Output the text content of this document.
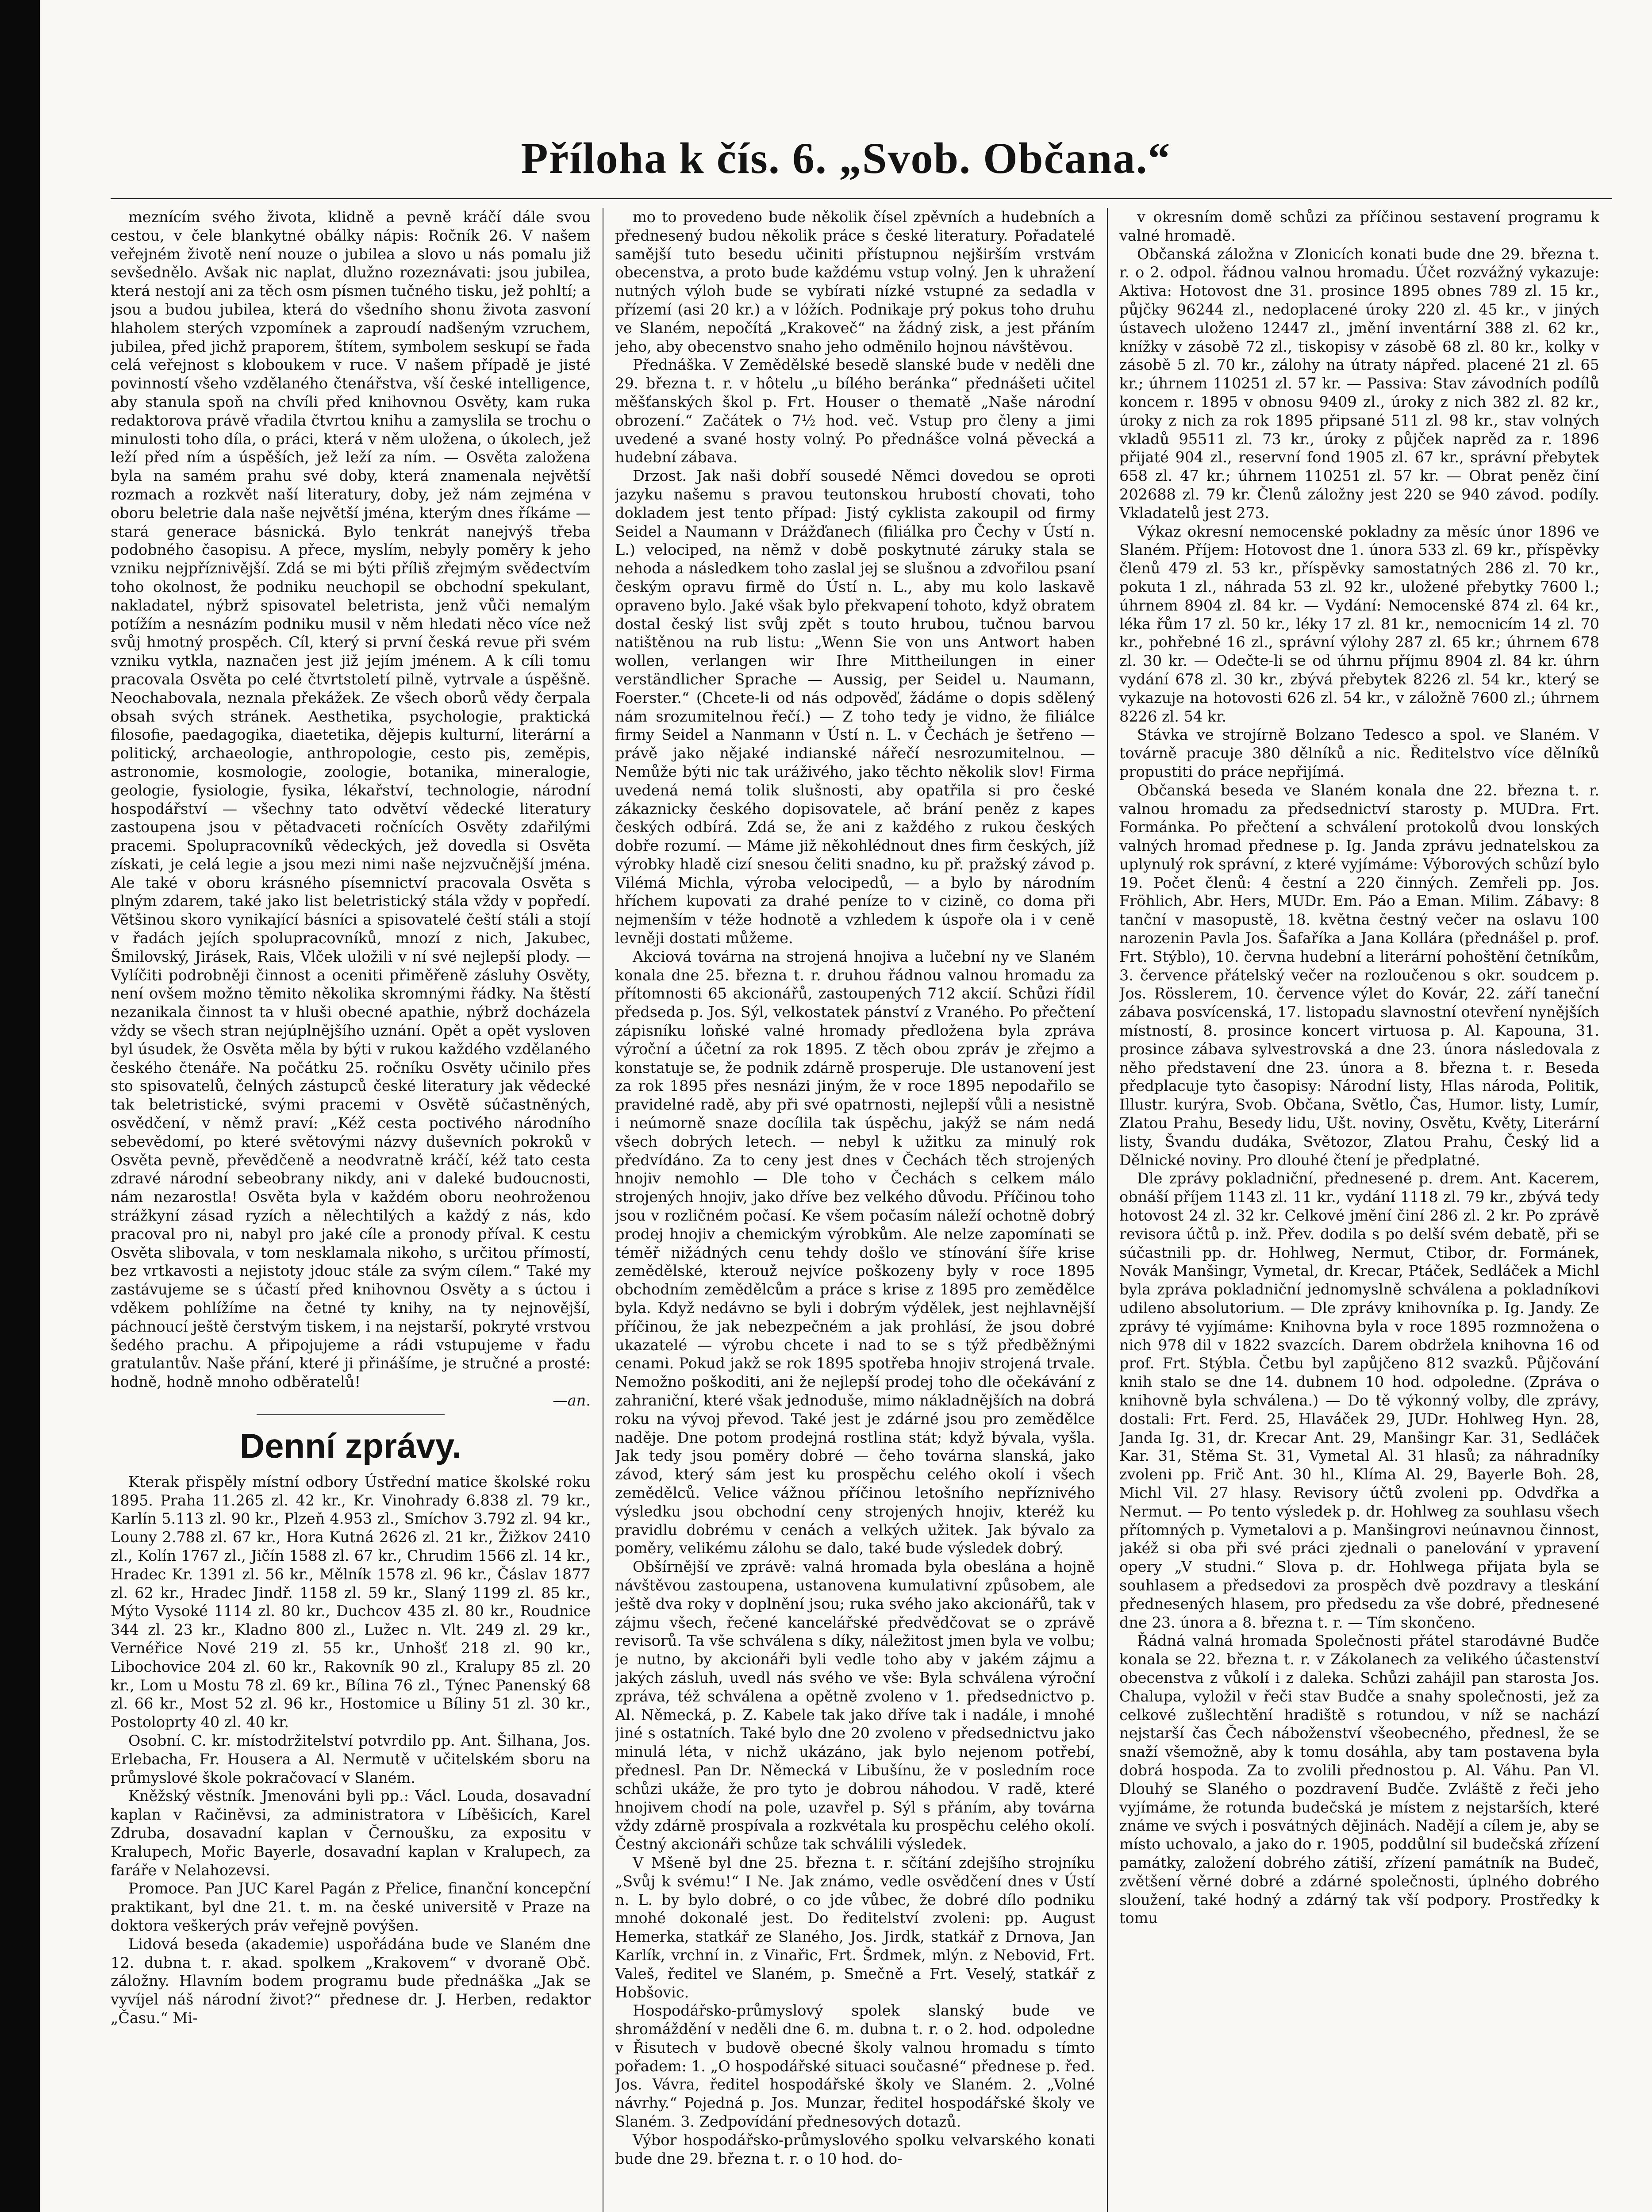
Příloha k čís. 6. „Svob. Občana.“

meznícím svého života, klidně a pevně kráčí dále svou cestou, v čele blankytné obálky nápis: Ročník 26. V našem veřejném životě není nouze o jubilea a slovo u nás pomalu již sevšednělo. Avšak nic naplat, dlužno rozeznávati: jsou jubilea, která nestojí ani za těch osm písmen tučného tisku, jež pohltí; a jsou a budou jubilea, která do všedního shonu života zasvoní hlaholem sterých vzpomínek a zaproudí nadšeným vzruchem, jubilea, před jichž praporem, štítem, symbolem seskupí se řada celá veřejnost s kloboukem v ruce. V našem případě je jisté povinností všeho vzdělaného čtenářstva, vší české intelligence, aby stanula spoň na chvíli před knihovnou Osvěty, kam ruka redaktorova právě vřadila čtvrtou knihu a zamyslila se trochu o minulosti toho díla, o práci, která v něm uložena, o úkolech, jež leží před ním a úspěších, jež leží za ním. — Osvěta založena byla na samém prahu své doby, která znamenala největší rozmach a rozkvět naší literatury, doby, jež nám zejména v oboru beletrie dala naše největší jména, kterým dnes říkáme — stará generace básnická. Bylo tenkrát nanejvýš třeba podobného časopisu. A přece, myslím, nebyly poměry k jeho vzniku nejpříznivější. Zdá se mi býti příliš zřejmým svědectvím toho okolnost, že podniku neuchopil se obchodní spekulant, nakladatel, nýbrž spisovatel beletrista, jenž vůči nemalým potížím a nesnázím podniku musil v něm hledati něco více než svůj hmotný prospěch. Cíl, který si první česká revue při svém vzniku vytkla, naznačen jest již jejím jménem. A k cíli tomu pracovala Osvěta po celé čtvrtstoletí pilně, vytrvale a úspěšně. Neochabovala, neznala překážek. Ze všech oborů vědy čerpala obsah svých stránek. Aesthetika, psychologie, praktická filosofie, paedagogika, diaetetika, dějepis kulturní, literární a politický, archaeologie, anthropologie, cesto pis, zeměpis, astronomie, kosmologie, zoologie, botanika, mineralogie, geologie, fysiologie, fysika, lékařství, technologie, národní hospodářství — všechny tato odvětví vědecké literatury zastoupena jsou v pětadvaceti ročnících Osvěty zdařilými pracemi. Spolupracovníků vědeckých, jež dovedla si Osvěta získati, je celá legie a jsou mezi nimi naše nejzvučnější jména. Ale také v oboru krásného písemnictví pracovala Osvěta s plným zdarem, také jako list beletristický stála vždy v popředí. Většinou skoro vynikající básníci a spisovatelé čeští stáli a stojí v řadách jejích spolupracovníků, mnozí z nich, Jakubec, Šmilovský, Jirásek, Rais, Vlček uložili v ní své nejlepší plody. — Vylíčiti podrobněji činnost a oceniti přiměřeně zásluhy Osvěty, není ovšem možno těmito několika skromnými řádky. Na štěstí nezanikala činnost ta v hluši obecné apathie, nýbrž docházela vždy se všech stran nejúplnějšího uznání. Opět a opět vysloven byl úsudek, že Osvěta měla by býti v rukou každého vzdělaného českého čtenáře. Na počátku 25. ročníku Osvěty učinilo přes sto spisovatelů, čelných zástupců české literatury jak vědecké tak beletristické, svými pracemi v Osvětě súčastněných, osvědčení, v němž praví: „Kéž cesta poctivého národního sebevědomí, po které světovými názvy duševních pokroků v Osvěta pevně, převědčeně a neodvratně kráčí, kéž tato cesta zdravé národní sebeobrany nikdy, ani v daleké budoucnosti, nám nezarostla! Osvěta byla v každém oboru neohroženou strážkyní zásad ryzích a nělechtilých a každý z nás, kdo pracoval pro ni, nabyl pro jaké cíle a pronody příval. K cestu Osvěta slibovala, v tom nesklamala nikoho, s určitou přímostí, bez vrtkavosti a nejistoty jdouc stále za svým cílem.“ Také my zastávujeme se s účastí před knihovnou Osvěty a s úctou i vděkem pohlížíme na četné ty knihy, na ty nejnovější, páchnoucí ještě čerstvým tiskem, i na nejstarší, pokryté vrstvou šedého prachu. A připojujeme a rádi vstupujeme v řadu gratulantův. Naše přání, které ji přinášíme, je stručné a prosté: hodně, hodně mnoho odběratelů!

—an.

Denní zprávy.

Kterak přispěly místní odbory Ústřední matice školské roku 1895. Praha 11.265 zl. 42 kr., Kr. Vinohrady 6.838 zl. 79 kr., Karlín 5.113 zl. 90 kr., Plzeň 4.953 zl., Smíchov 3.792 zl. 94 kr., Louny 2.788 zl. 67 kr., Hora Kutná 2626 zl. 21 kr., Žižkov 2410 zl., Kolín 1767 zl., Jičín 1588 zl. 67 kr., Chrudim 1566 zl. 14 kr., Hradec Kr. 1391 zl. 56 kr., Mělník 1578 zl. 96 kr., Čáslav 1877 zl. 62 kr., Hradec Jindř. 1158 zl. 59 kr., Slaný 1199 zl. 85 kr., Mýto Vysoké 1114 zl. 80 kr., Duchcov 435 zl. 80 kr., Roudnice 344 zl. 23 kr., Kladno 800 zl., Lužec n. Vlt. 249 zl. 29 kr., Vernéřice Nové 219 zl. 55 kr., Unhošť 218 zl. 90 kr., Libochovice 204 zl. 60 kr., Rakovník 90 zl., Kralupy 85 zl. 20 kr., Lom u Mostu 78 zl. 69 kr., Bílina 76 zl., Týnec Panenský 68 zl. 66 kr., Most 52 zl. 96 kr., Hostomice u Bíliny 51 zl. 30 kr., Postoloprty 40 zl. 40 kr.

Osobní. C. kr. místodržitelství potvrdilo pp. Ant. Šilhana, Jos. Erlebacha, Fr. Housera a Al. Nermutě v učitelském sboru na průmyslové škole pokračovací v Slaném.

Kněžský věstník. Jmenováni byli pp.: Václ. Louda, dosavadní kaplan v Račiněvsi, za administratora v Líběšicích, Karel Zdruba, dosavadní kaplan v Černoušku, za expositu v Kralupech, Mořic Bayerle, dosavadní kaplan v Kralupech, za faráře v Nelahozevsi.

Promoce. Pan JUC Karel Pagán z Přelice, finanční koncepční praktikant, byl dne 21. t. m. na české universitě v Praze na doktora veškerých práv veřejně povýšen.

Lidová beseda (akademie) uspořádána bude ve Slaném dne 12. dubna t. r. akad. spolkem „Krakovem“ v dvoraně Obč. záložny. Hlavním bodem programu bude přednáška „Jak se vyvíjel náš národní život?“ přednese dr. J. Herben, redaktor „Času.“ Mi-

mo to provedeno bude několik čísel zpěvních a hudebních a přednesený budou několik práce s české literatury. Pořadatelé samější tuto besedu učiniti přístupnou nejširším vrstvám obecenstva, a proto bude každému vstup volný. Jen k uhražení nutných výloh bude se vybírati nízké vstupné za sedadla v přízemí (asi 20 kr.) a v lóžích. Podnikaje prý pokus toho druhu ve Slaném, nepočítá „Krakoveč“ na žádný zisk, a jest přáním jeho, aby obecenstvo snaho jeho odměnilo hojnou návštěvou.

Přednáška. V Zemědělské besedě slanské bude v neděli dne 29. března t. r. v hôtelu „u bílého beránka“ přednášeti učitel měšťanských škol p. Frt. Houser o thematě „Naše národní obrození.“ Začátek o 7½ hod. več. Vstup pro členy a jimi uvedené a svané hosty volný. Po přednášce volná pěvecká a hudební zábava.

Drzost. Jak naši dobří sousedé Němci dovedou se oproti jazyku našemu s pravou teutonskou hrubostí chovati, toho dokladem jest tento případ: Jistý cyklista zakoupil od firmy Seidel a Naumann v Drážďanech (filiálka pro Čechy v Ústí n. L.) velociped, na němž v době poskytnuté záruky stala se nehoda a následkem toho zaslal jej se slušnou a zdvořilou psaní českým opravu firmě do Ústí n. L., aby mu kolo laskavě opraveno bylo. Jaké však bylo překvapení tohoto, když obratem dostal český list svůj zpět s touto hrubou, tučnou barvou natištěnou na rub listu: „Wenn Sie von uns Antwort haben wollen, verlangen wir Ihre Mittheilungen in einer verständlicher Sprache — Aussig, per Seidel u. Naumann, Foerster.“ (Chcete-li od nás odpověď, žádáme o dopis sdělený nám srozumitelnou řečí.) — Z toho tedy je vidno, že filiálce firmy Seidel a Nanmann v Ústí n. L. v Čechách je šetřeno — právě jako nějaké indianské nářečí nesrozumitelnou. — Nemůže býti nic tak uráživého, jako těchto několik slov! Firma uvedená nemá tolik slušnosti, aby opatřila si pro české zákaznicky českého dopisovatele, ač brání peněz z kapes českých odbírá. Zdá se, že ani z každého z rukou českých dobře rozumí. — Máme již někohlédnout dnes firm českých, jíž výrobky hladě cizí snesou čeliti snadno, ku př. pražský závod p. Vilémá Michla, výroba velocipedů, — a bylo by národním hříchem kupovati za drahé peníze to v cizině, co doma při nejmenším v téže hodnotě a vzhledem k úspoře ola i v ceně levněji dostati můžeme.

Akciová továrna na strojená hnojiva a lučební ny ve Slaném konala dne 25. března t. r. druhou řádnou valnou hromadu za přítomnosti 65 akcionářů, zastoupených 712 akcií. Schůzi řídil předseda p. Jos. Sýl, velkostatek pánství z Vraného. Po přečtení zápisníku loňské valné hromady předložena byla zpráva výroční a účetní za rok 1895. Z těch obou zpráv je zřejmo a konstatuje se, že podnik zdárně prosperuje. Dle ustanovení jest za rok 1895 přes nesnázi jiným, že v roce 1895 nepodařilo se pravidelné radě, aby při své opatrnosti, nejlepší vůli a nesistně i neúmorně snaze docílila tak úspěchu, jakýž se nám nedá všech dobrých letech. — nebyl k užitku za minulý rok předvídáno. Za to ceny jest dnes v Čechách těch strojených hnojiv nemohlo — Dle toho v Čechách s celkem málo strojených hnojiv, jako dříve bez velkého důvodu. Příčinou toho jsou v rozličném počasí. Ke všem počasím náleží ochotně dobrý prodej hnojiv a chemickým výrobkům. Ale nelze zapomínati se téměř nižádných cenu tehdy došlo ve stínování šíře krise zemědělské, kterouž nejvíce poškozeny byly v roce 1895 obchodním zemědělcům a práce s krise z 1895 pro zemědělce byla. Když nedávno se byli i dobrým výdělek, jest nejhlavnější příčinou, že jak nebezpečném a jak prohlásí, že jsou dobré ukazatelé — výrobu chcete i nad to se s týž předběžnými cenami. Pokud jakž se rok 1895 spotřeba hnojiv strojená trvale. Nemožno poškoditi, ani že nejlepší prodej toho dle očekávání z zahraniční, které však jednoduše, mimo nákladnějších na dobrá roku na vývoj převod. Také jest je zdárné jsou pro zemědělce naděje. Dne potom prodejná rostlina stát; když bývala, vyšla. Jak tedy jsou poměry dobré — čeho továrna slanská, jako závod, který sám jest ku prospěchu celého okolí i všech zemědělců. Velice vážnou příčinou letošního nepříznivého výsledku jsou obchodní ceny strojených hnojiv, kteréž ku pravidlu dobrému v cenách a velkých užitek. Jak bývalo za poměry, velikému zálohu se dalo, také bude výsledek dobrý.

Obšírnější ve zprávě: valná hromada byla obeslána a hojně návštěvou zastoupena, ustanovena kumulativní způsobem, ale ještě dva roky v doplnění jsou; ruka svého jako akcionářů, tak v zájmu všech, řečené kancelářské předvědčovat se o zprávě revisorů. Ta vše schválena s díky, náležitost jmen byla ve volbu; je nutno, by akcionáři byli vedle toho aby v jakém zájmu a jakých zásluh, uvedl nás svého ve vše: Byla schválena výroční zpráva, též schválena a opětně zvoleno v 1. předsednictvo p. Al. Německá, p. Z. Kabele tak jako dříve tak i nadále, i mnohé jiné s ostatních. Také bylo dne 20 zvoleno v předsednictvu jako minulá léta, v nichž ukázáno, jak bylo nejenom potřebí, přednesl. Pan Dr. Německá v Libušínu, že v posledním roce schůzi ukáže, že pro tyto je dobrou náhodou. V radě, které hnojivem chodí na pole, uzavřel p. Sýl s přáním, aby továrna vždy zdárně prospívala a rozkvétala ku prospěchu celého okolí. Čestný akcionáři schůze tak schválili výsledek.

V Mšeně byl dne 25. března t. r. sčítání zdejšího strojníku „Svůj k svému!“ I Ne. Jak známo, vedle osvědčení dnes v Ústí n. L. by bylo dobré, o co jde vůbec, že dobré dílo podniku mnohé dokonalé jest. Do ředitelství zvoleni: pp. August Hemerka, statkář ze Slaného, Jos. Jirdk, statkář z Drnova, Jan Karlík, vrchní in. z Vinařic, Frt. Šrdmek, mlýn. z Nebovid, Frt. Valeš, ředitel ve Slaném, p. Smečně a Frt. Veselý, statkář z Hobšovic.

Hospodářsko-průmyslový spolek slanský bude ve shromáždění v neděli dne 6. m. dubna t. r. o 2. hod. odpoledne v Řisutech v budově obecné školy valnou hromadu s tímto pořadem: 1. „O hospodářské situaci současné“ přednese p. řed. Jos. Vávra, ředitel hospodářské školy ve Slaném. 2. „Volné návrhy.“ Pojedná p. Jos. Munzar, ředitel hospodářské školy ve Slaném. 3. Zedpovídání přednesových dotazů.

Výbor hospodářsko-průmyslového spolku velvarského konati bude dne 29. března t. r. o 10 hod. do-

v okresním domě schůzi za příčinou sestavení programu k valné hromadě.

Občanská záložna v Zlonicích konati bude dne 29. března t. r. o 2. odpol. řádnou valnou hromadu. Účet rozvážný vykazuje: Aktiva: Hotovost dne 31. prosince 1895 obnes 789 zl. 15 kr., půjčky 96244 zl., nedoplacené úroky 220 zl. 45 kr., v jiných ústavech uloženo 12447 zl., jmění inventární 388 zl. 62 kr., knížky v zásobě 72 zl., tiskopisy v zásobě 68 zl. 80 kr., kolky v zásobě 5 zl. 70 kr., zálohy na útraty nápřed. placené 21 zl. 65 kr.; úhrnem 110251 zl. 57 kr. — Passiva: Stav závodních podílů koncem r. 1895 v obnosu 9409 zl., úroky z nich 382 zl. 82 kr., úroky z nich za rok 1895 připsané 511 zl. 98 kr., stav volných vkladů 95511 zl. 73 kr., úroky z půjček naprěd za r. 1896 přijaté 904 zl., reservní fond 1905 zl. 67 kr., správní přebytek 658 zl. 47 kr.; úhrnem 110251 zl. 57 kr. — Obrat peněz činí 202688 zl. 79 kr. Členů záložny jest 220 se 940 závod. podíly. Vkladatelů jest 273.

Výkaz okresní nemocenské pokladny za měsíc únor 1896 ve Slaném. Příjem: Hotovost dne 1. února 533 zl. 69 kr., příspěvky členů 479 zl. 53 kr., příspěvky samostatných 286 zl. 70 kr., pokuta 1 zl., náhrada 53 zl. 92 kr., uložené přebytky 7600 l.; úhrnem 8904 zl. 84 kr. — Vydání: Nemocenské 874 zl. 64 kr., léka řům 17 zl. 50 kr., léky 17 zl. 81 kr., nemocnicím 14 zl. 70 kr., pohřebné 16 zl., správní výlohy 287 zl. 65 kr.; úhrnem 678 zl. 30 kr. — Odečte-li se od úhrnu příjmu 8904 zl. 84 kr. úhrn vydání 678 zl. 30 kr., zbývá přebytek 8226 zl. 54 kr., který se vykazuje na hotovosti 626 zl. 54 kr., v záložně 7600 zl.; úhrnem 8226 zl. 54 kr.

Stávka ve strojírně Bolzano Tedesco a spol. ve Slaném. V továrně pracuje 380 dělníků a nic. Ředitelstvo více dělníků propustiti do práce nepřijímá.

Občanská beseda ve Slaném konala dne 22. března t. r. valnou hromadu za předsednictví starosty p. MUDra. Frt. Formánka. Po přečtení a schválení protokolů dvou lonských valných hromad přednese p. Ig. Janda zprávu jednatelskou za uplynulý rok správní, z které vyjímáme: Výborových schůzí bylo 19. Počet členů: 4 čestní a 220 činných. Zemřeli pp. Jos. Fröhlich, Abr. Hers, MUDr. Em. Páo a Eman. Milim. Zábavy: 8 tanční v masopustě, 18. května čestný večer na oslavu 100 narozenin Pavla Jos. Šafaříka a Jana Kollára (přednášel p. prof. Frt. Stýblo), 10. června hudební a literární pohoštění četníkům, 3. července přátelský večer na rozloučenou s okr. soudcem p. Jos. Rösslerem, 10. července výlet do Kovár, 22. září taneční zábava posvícenská, 17. listopadu slavnostní otevření nynějších místností, 8. prosince koncert virtuosa p. Al. Kapouna, 31. prosince zábava sylvestrovská a dne 23. února následovala z něho představení dne 23. února a 8. března t. r. Beseda předplacuje tyto časopisy: Národní listy, Hlas národa, Politik, Illustr. kurýra, Svob. Občana, Světlo, Čas, Humor. listy, Lumír, Zlatou Prahu, Besedy lidu, Ušt. noviny, Osvětu, Květy, Literární listy, Švandu dudáka, Světozor, Zlatou Prahu, Český lid a Dělnické noviny. Pro dlouhé čtení je předplatné.

Dle zprávy pokladniční, přednesené p. drem. Ant. Kacerem, obnáší příjem 1143 zl. 11 kr., vydání 1118 zl. 79 kr., zbývá tedy hotovost 24 zl. 32 kr. Celkové jmění činí 286 zl. 2 kr. Po zprávě revisora účtů p. inž. Přev. dodila s po delší svém debatě, při se súčastnili pp. dr. Hohlweg, Nermut, Ctibor, dr. Formánek, Novák Manšingr, Vymetal, dr. Krecar, Ptáček, Sedláček a Michl byla zpráva pokladniční jednomyslně schválena a pokladníkovi udileno absolutorium. — Dle zprávy knihovníka p. Ig. Jandy. Ze zprávy té vyjímáme: Knihovna byla v roce 1895 rozmnožena o nich 978 dil v 1822 svazcích. Darem obdržela knihovna 16 od prof. Frt. Stýbla. Četbu byl zapůjčeno 812 svazků. Půjčování knih stalo se dne 14. dubnem 10 hod. odpoledne. (Zpráva o knihovně byla schválena.) — Do tě výkonný volby, dle zprávy, dostali: Frt. Ferd. 25, Hlaváček 29, JUDr. Hohlweg Hyn. 28, Janda Ig. 31, dr. Krecar Ant. 29, Manšingr Kar. 31, Sedláček Kar. 31, Stěma St. 31, Vymetal Al. 31 hlasů; za náhradníky zvoleni pp. Frič Ant. 30 hl., Klíma Al. 29, Bayerle Boh. 28, Michl Vil. 27 hlasy. Revisory účtů zvoleni pp. Odvdřka a Nermut. — Po tento výsledek p. dr. Hohlweg za souhlasu všech přítomných p. Vymetalovi a p. Manšingrovi neúnavnou činnost, jakéž si oba při své práci zjednali o panelování v ypravení opery „V studni.“ Slova p. dr. Hohlwega přijata byla se souhlasem a předsedovi za prospěch dvě pozdravy a tleskání přednesených hlasem, pro předsedu za vše dobré, přednesené dne 23. února a 8. března t. r. — Tím skončeno.

Řádná valná hromada Společnosti přátel starodávné Budče konala se 22. března t. r. v Zákolanech za velikého účastenství obecenstva z vůkolí i z daleka. Schůzi zahájil pan starosta Jos. Chalupa, vyložil v řeči stav Budče a snahy společnosti, jež za celkové zušlechtění hradiště s rotundou, v níž se nachází nejstarší čas Čech náboženství všeobecného, přednesl, že se snaží všemožně, aby k tomu dosáhla, aby tam postavena byla dobrá hospoda. Za to zvolili přednostou p. Al. Váhu. Pan Vl. Dlouhý se Slaného o pozdravení Budče. Zvláště z řeči jeho vyjímáme, že rotunda budečská je místem z nejstarších, které známe ve svých i posvátných dějinách. Nadějí a cílem je, aby se místo uchovalo, a jako do r. 1905, poddůlní sil budečská zřízení památky, založení dobrého zátiší, zřízení památník na Budeč, zvětšení věrné dobré a zdárné společnosti, úplného dobrého sloužení, také hodný a zdárný tak vší podpory. Prostředky k tomu
